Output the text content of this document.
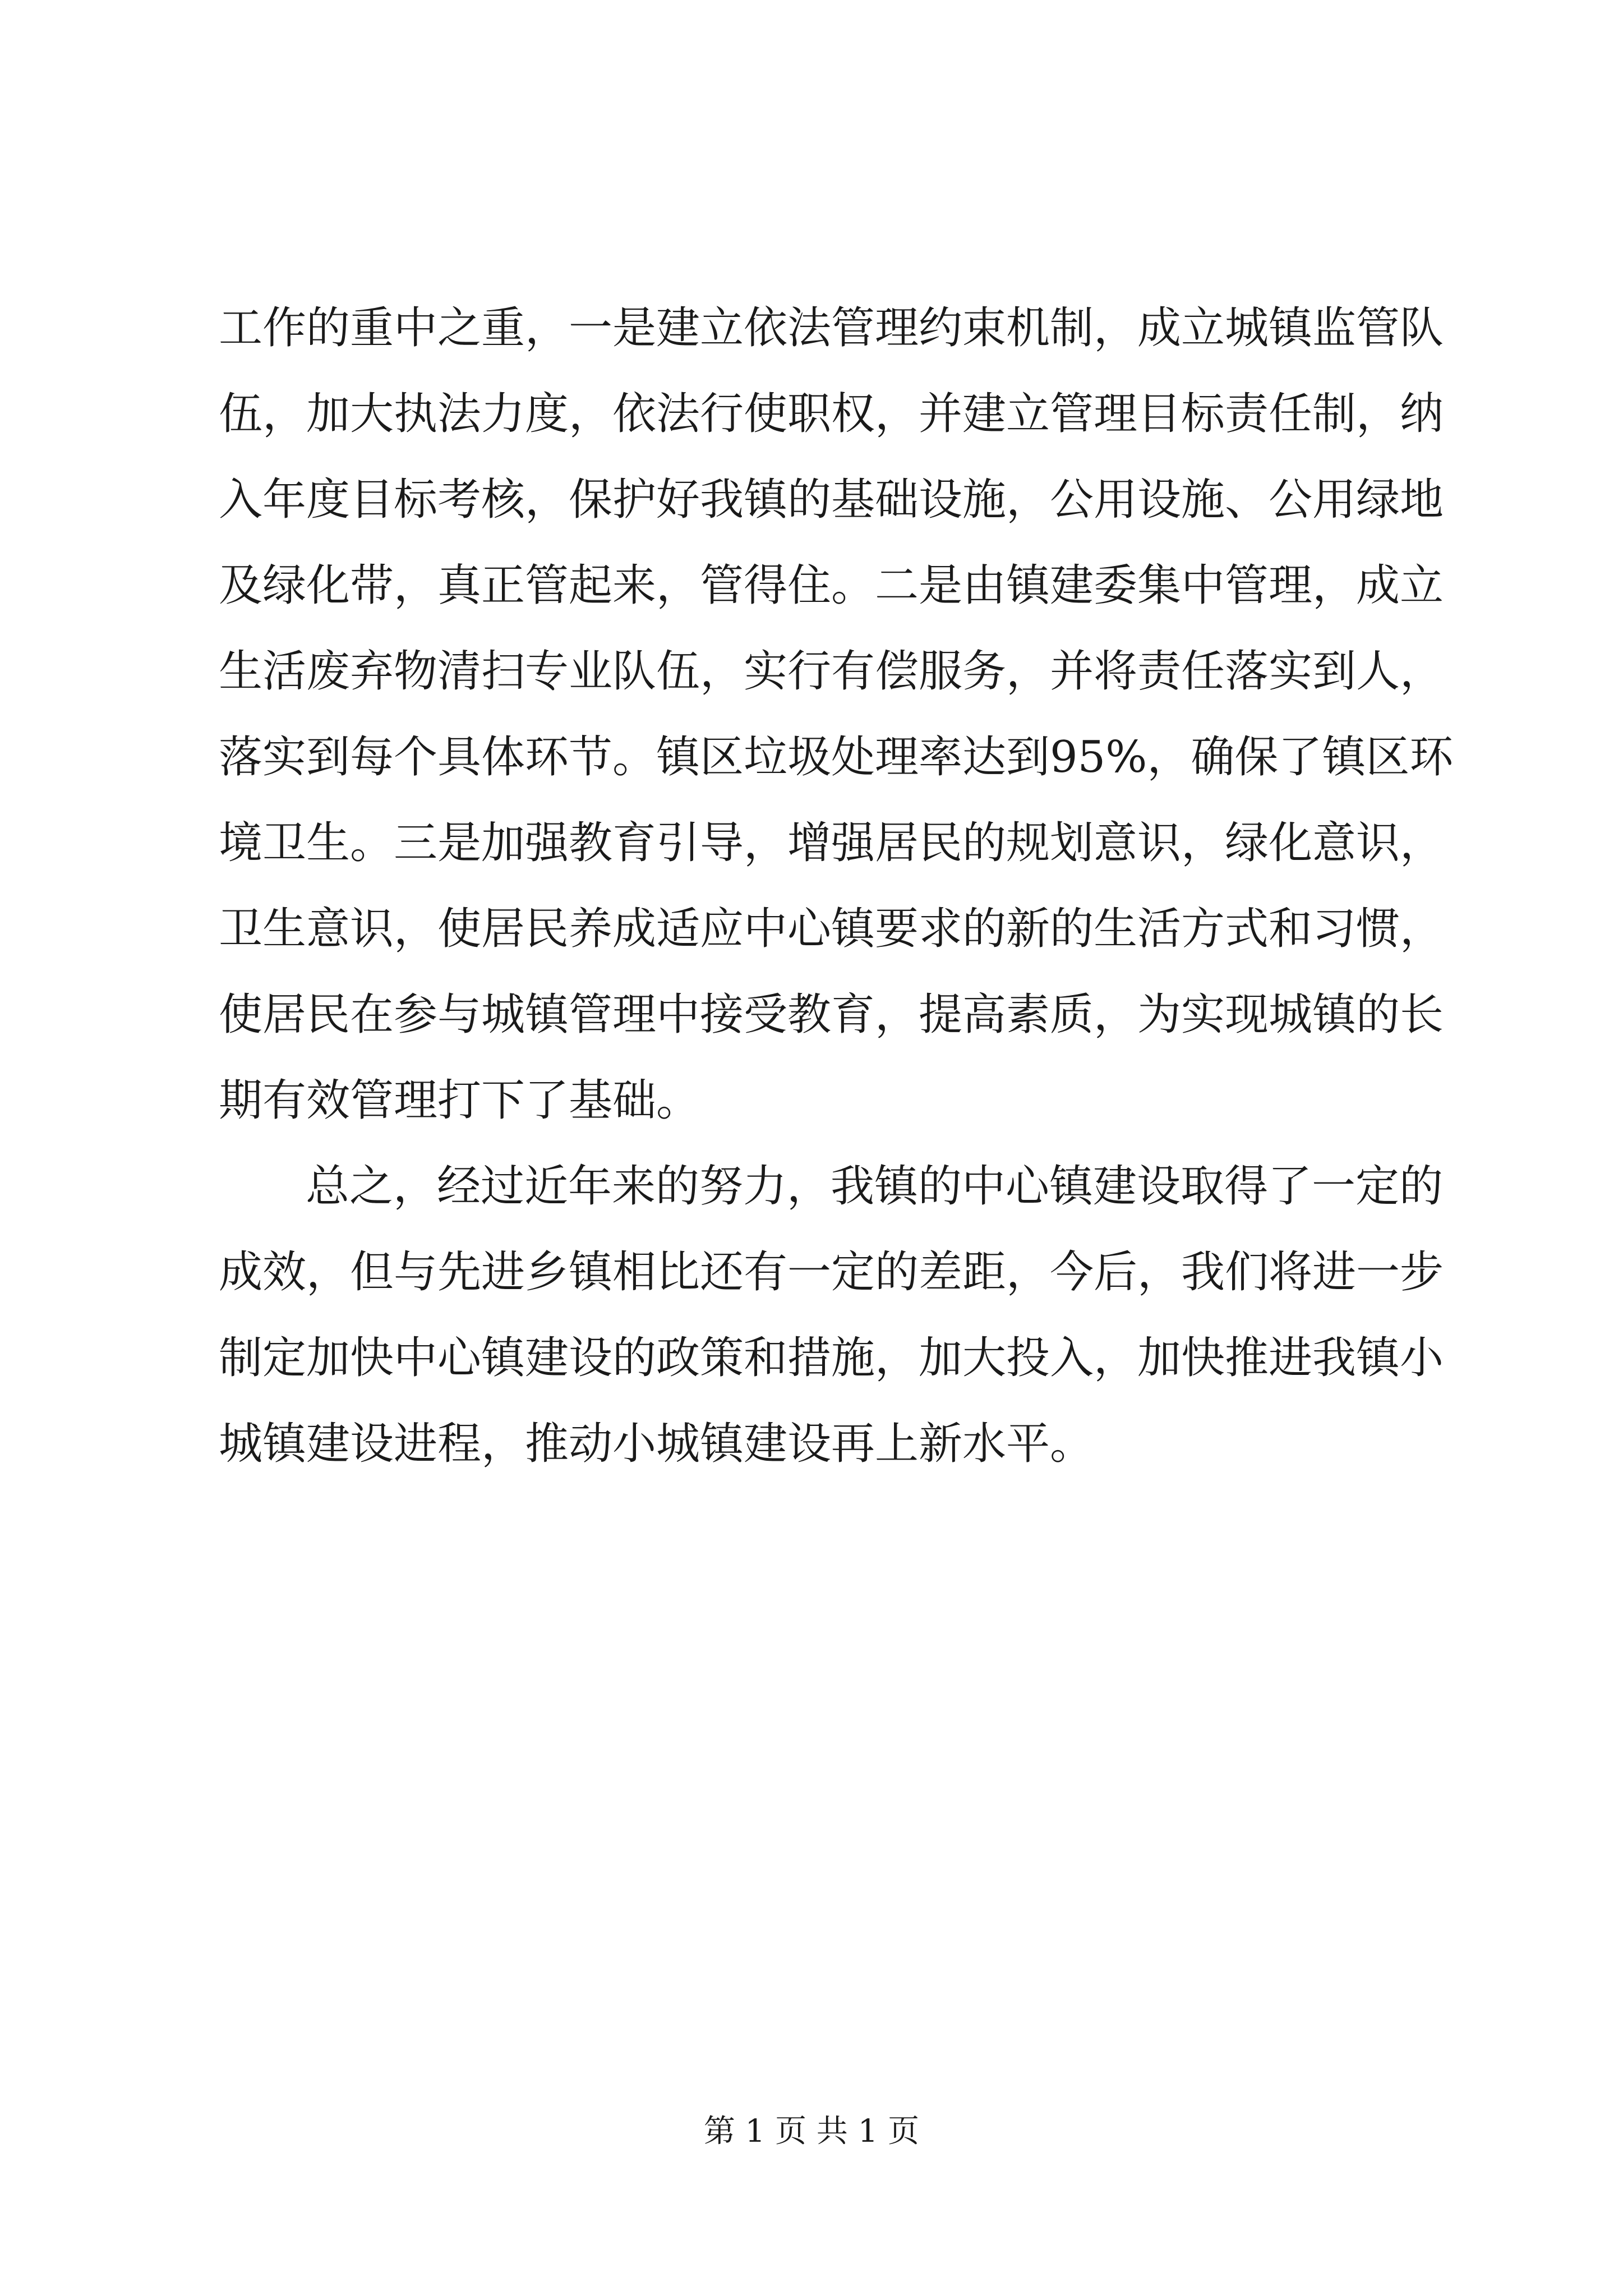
工作的重中之重，一是建立依法管理约束机制，成立城镇监管队
伍，加大执法力度，依法行使职权，并建立管理目标责任制，纳
入年度目标考核，保护好我镇的基础设施，公用设施、公用绿地
及绿化带，真正管起来，管得住。二是由镇建委集中管理，成立
生活废弃物清扫专业队伍，实行有偿服务，并将责任落实到人，
落实到每个具体环节。镇区垃圾处理率达到95%，确保了镇区环
境卫生。三是加强教育引导，增强居民的规划意识，绿化意识，
卫生意识，使居民养成适应中心镇要求的新的生活方式和习惯，
使居民在参与城镇管理中接受教育，提高素质，为实现城镇的长
期有效管理打下了基础。
总之，经过近年来的努力，我镇的中心镇建设取得了一定的
成效，但与先进乡镇相比还有一定的差距，今后，我们将进一步
制定加快中心镇建设的政策和措施，加大投入，加快推进我镇小
城镇建设进程，推动小城镇建设再上新水平。
第 1 页 共 1 页
